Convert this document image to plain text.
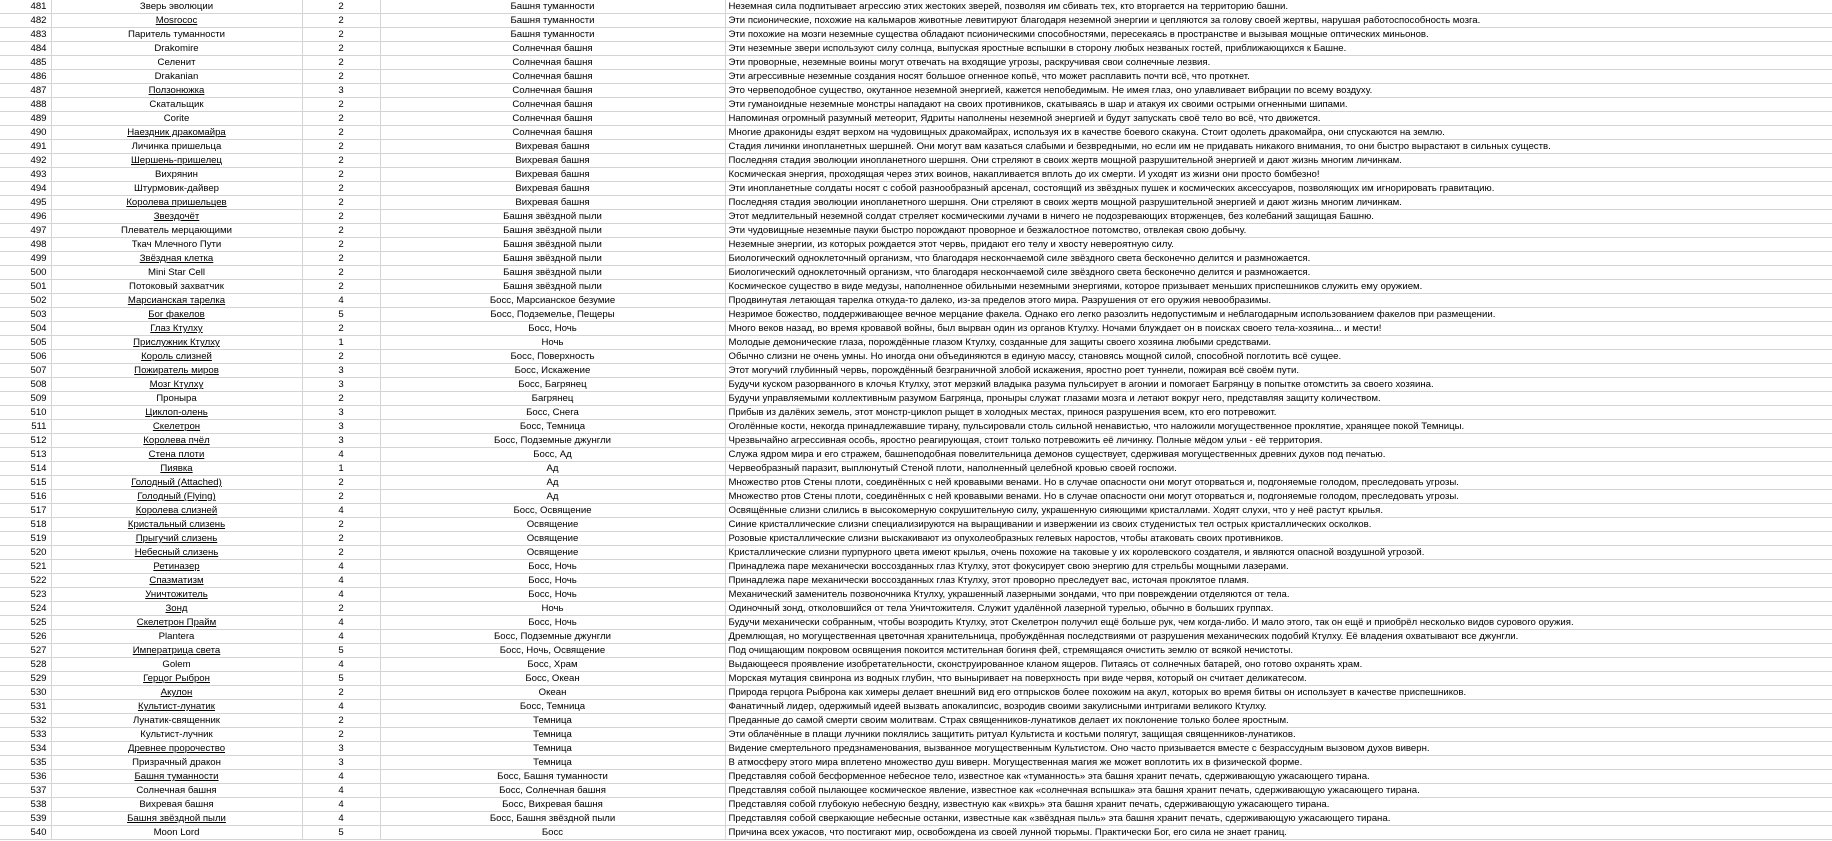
481	Зверь эволюции	2	Башня туманности	Неземная сила подпитывает агрессию этих жестоких зверей, позволяя им сбивать тех, кто вторгается на территорию башни.
482	Mosrocoс	2	Башня туманности	Эти псионические, похожие на кальмаров животные левитируют благодаря неземной энергии и цепляются за голову своей жертвы, нарушая работоспособность мозга.
483	Паритель туманности	2	Башня туманности	Эти похожие на мозги неземные существа обладают псионическими способностями, пересекаясь в пространстве и вызывая мощные оптических миньонов.
484	Drakomire	2	Солнечная башня	Эти неземные звери используют силу солнца, выпуская яростные вспышки в сторону любых незваных гостей, приближающихся к Башне.
485	Селенит	2	Солнечная башня	Эти проворные, неземные воины могут отвечать на входящие угрозы, раскручивая свои солнечные лезвия.
486	Drakanian	2	Солнечная башня	Эти агрессивные неземные создания носят большое огненное копьё, что может расплавить почти всё, что проткнет.
487	Ползонюжка	3	Солнечная башня	Это червеподобное существо, окутанное неземной энергией, кажется непобедимым. Не имея глаз, оно улавливает вибрации по всему воздуху.
488	Скатальщик	2	Солнечная башня	Эти гуманоидные неземные монстры нападают на своих противников, скатываясь в шар и атакуя их своими острыми огненными шипами.
489	Corite	2	Солнечная башня	Напоминая огромный разумный метеорит, Ядриты наполнены неземной энергией и будут запускать своё тело во всё, что движется.
490	Наездник дракомайра	2	Солнечная башня	Многие дракониды ездят верхом на чудовищных дракомайрах, используя их в качестве боевого скакуна. Стоит одолеть дракомайра, они спускаются на землю.
491	Личинка пришельца	2	Вихревая башня	Стадия личинки инопланетных шершней. Они могут вам казаться слабыми и безвредными, но если им не придавать никакого внимания, то они быстро вырастают в сильных существ.
492	Шершень-пришелец	2	Вихревая башня	Последняя стадия эволюции инопланетного шершня. Они стреляют в своих жертв мощной разрушительной энергией и дают жизнь многим личинкам.
493	Вихрянин	2	Вихревая башня	Космическая энергия, проходящая через этих воинов, накапливается вплоть до их смерти. И уходят из жизни они просто бомбезно!
494	Штурмовик-дайвер	2	Вихревая башня	Эти инопланетные солдаты носят с собой разнообразный арсенал, состоящий из звёздных пушек и космических аксессуаров, позволяющих им игнорировать гравитацию.
495	Королева пришельцев	2	Вихревая башня	Последняя стадия эволюции инопланетного шершня. Они стреляют в своих жертв мощной разрушительной энергией и дают жизнь многим личинкам.
496	Звездочёт	2	Башня звёздной пыли	Этот медлительный неземной солдат стреляет космическими лучами в ничего не подозревающих вторженцев, без колебаний защищая Башню.
497	Плеватель мерцающими	2	Башня звёздной пыли	Эти чудовищные неземные пауки быстро порождают проворное и безжалостное потомство, отвлекая свою добычу.
498	Ткач Млечного Пути	2	Башня звёздной пыли	Неземные энергии, из которых рождается этот червь, придают его телу и хвосту невероятную силу.
499	Звёздная клетка	2	Башня звёздной пыли	Биологический одноклеточный организм, что благодаря нескончаемой силе звёздного света бесконечно делится и размножается.
500	Mini Star Cell	2	Башня звёздной пыли	Биологический одноклеточный организм, что благодаря нескончаемой силе звёздного света бесконечно делится и размножается.
501	Потоковый захватчик	2	Башня звёздной пыли	Космическое существо в виде медузы, наполненное обильными неземными энергиями, которое призывает меньших приспешников служить ему оружием.
502	Марсианская тарелка	4	Босс, Марсианское безумие	Продвинутая летающая тарелка откуда-то далеко, из-за пределов этого мира. Разрушения от его оружия невообразимы.
503	Бог факелов	5	Босс, Подземелье, Пещеры	Незримое божество, поддерживающее вечное мерцание факела. Однако его легко разозлить недопустимым и неблагодарным использованием факелов при размещении.
504	Глаз Ктулху	2	Босс, Ночь	Много веков назад, во время кровавой войны, был вырван один из органов Ктулху. Ночами блуждает он в поисках своего тела-хозяина... и мести!
505	Прислужник Ктулху	1	Ночь	Молодые демонические глаза, порождённые глазом Ктулху, созданные для защиты своего хозяина любыми средствами.
506	Король слизней	2	Босс, Поверхность	Обычно слизни не очень умны. Но иногда они объединяются в единую массу, становясь мощной силой, способной поглотить всё сущее.
507	Пожиратель миров	3	Босс, Искажение	Этот могучий глубинный червь, порождённый безграничной злобой искажения, яростно роет туннели, пожирая всё своём пути.
508	Мозг Ктулху	3	Босс, Багрянец	Будучи куском разорванного в клочья Ктулху, этот мерзкий владыка разума пульсирует в агонии и помогает Багрянцу в попытке отомстить за своего хозяина.
509	Проныра	2	Багрянец	Будучи управляемыми коллективным разумом Багрянца, проныры служат глазами мозга и летают вокруг него, представляя защиту количеством.
510	Циклоп-олень	3	Босс, Снега	Прибыв из далёких земель, этот монстр-циклоп рыщет в холодных местах, принося разрушения всем, кто его потревожит.
511	Скелетрон	3	Босс, Темница	Оголённые кости, некогда принадлежавшие тирану, пульсировали столь сильной ненавистью, что наложили могущественное проклятие, хранящее покой Темницы.
512	Королева пчёл	3	Босс, Подземные джунгли	Чрезвычайно агрессивная особь, яростно реагирующая, стоит только потревожить её личинку. Полные мёдом ульи - её территория.
513	Стена плоти	4	Босс, Ад	Служа ядром мира и его стражем, башнеподобная повелительница демонов существует, сдерживая могущественных древних духов под печатью.
514	Пиявка	1	Ад	Червеобразный паразит, выплюнутый Стеной плоти, наполненный целебной кровью своей госпожи.
515	Голодный (Attached)	2	Ад	Множество ртов Стены плоти, соединённых с ней кровавыми венами. Но в случае опасности они могут оторваться и, подгоняемые голодом, преследовать угрозы.
516	Голодный (Flying)	2	Ад	Множество ртов Стены плоти, соединённых с ней кровавыми венами. Но в случае опасности они могут оторваться и, подгоняемые голодом, преследовать угрозы.
517	Королева слизней	4	Босс, Освящение	Освящённые слизни слились в высокомерную сокрушительную силу, украшенную сияющими кристаллами. Ходят слухи, что у неё растут крылья.
518	Кристальный слизень	2	Освящение	Синие кристаллические слизни специализируются на выращивании и извержении из своих студенистых тел острых кристаллических осколков.
519	Прыгучий слизень	2	Освящение	Розовые кристаллические слизни выскакивают из опухолеобразных гелевых наростов, чтобы атаковать своих противников.
520	Небесный слизень	2	Освящение	Кристаллические слизни пурпурного цвета имеют крылья, очень похожие на таковые у их королевского создателя, и являются опасной воздушной угрозой.
521	Ретиназер	4	Босс, Ночь	Принадлежа паре механически воссозданных глаз Ктулху, этот фокусирует свою энергию для стрельбы мощными лазерами.
522	Спазматизм	4	Босс, Ночь	Принадлежа паре механически воссозданных глаз Ктулху, этот проворно преследует вас, источая проклятое пламя.
523	Уничтожитель	4	Босс, Ночь	Механический заменитель позвоночника Ктулху, украшенный лазерными зондами, что при повреждении отделяются от тела.
524	Зонд	2	Ночь	Одиночный зонд, отколовшийся от тела Уничтожителя. Служит удалённой лазерной турелью, обычно в больших группах.
525	Скелетрон Прайм	4	Босс, Ночь	Будучи механически собранным, чтобы возродить Ктулху, этот Скелетрон получил ещё больше рук, чем когда-либо. И мало этого, так он ещё и приобрёл несколько видов сурового оружия.
526	Plantera	4	Босс, Подземные джунгли	Дремлющая, но могущественная цветочная хранительница, пробуждённая последствиями от разрушения механических подобий Ктулху. Её владения охватывают все джунгли.
527	Императрица света	5	Босс, Ночь, Освящение	Под очищающим покровом освящения покоится мстительная богиня фей, стремящаяся очистить землю от всякой нечистоты.
528	Golem	4	Босс, Храм	Выдающееся проявление изобретательности, сконструированное кланом ящеров. Питаясь от солнечных батарей, оно готово охранять храм.
529	Герцог Рыброн	5	Босс, Океан	Морская мутация свинрона из водных глубин, что выныривает на поверхность при виде червя, который он считает деликатесом.
530	Акулон	2	Океан	Природа герцога Рыброна как химеры делает внешний вид его отпрысков более похожим на акул, которых во время битвы он использует в качестве приспешников.
531	Культист-лунатик	4	Босс, Темница	Фанатичный лидер, одержимый идеей вызвать апокалипсис, возродив своими закулисными интригами великого Ктулху.
532	Лунатик-священник	2	Темница	Преданные до самой смерти своим молитвам. Страх священников-лунатиков делает их поклонение только более яростным.
533	Культист-лучник	2	Темница	Эти облачённые в плащи лучники поклялись защитить ритуал Культиста и костьми полягут, защищая священников-лунатиков.
534	Древнее пророчество	3	Темница	Видение смертельного предзнаменования, вызванное могущественным Культистом. Оно часто призывается вместе с безрассудным вызовом духов виверн.
535	Призрачный дракон	3	Темница	В атмосферу этого мира вплетено множество душ виверн. Могущественная магия же может воплотить их в физической форме.
536	Башня туманности	4	Босс, Башня туманности	Представляя собой бесформенное небесное тело, известное как «туманность» эта башня хранит печать, сдерживающую ужасающего тирана.
537	Солнечная башня	4	Босс, Солнечная башня	Представляя собой пылающее космическое явление, известное как «солнечная вспышка» эта башня хранит печать, сдерживающую ужасающего тирана.
538	Вихревая башня	4	Босс, Вихревая башня	Представляя собой глубокую небесную бездну, известную как «вихрь» эта башня хранит печать, сдерживающую ужасающего тирана.
539	Башня звёздной пыли	4	Босс, Башня звёздной пыли	Представляя собой сверкающие небесные останки, известные как «звёздная пыль» эта башня хранит печать, сдерживающую ужасающего тирана.
540	Moon Lord	5	Босс	Причина всех ужасов, что постигают мир, освобождена из своей лунной тюрьмы. Практически Бог, его сила не знает границ.
